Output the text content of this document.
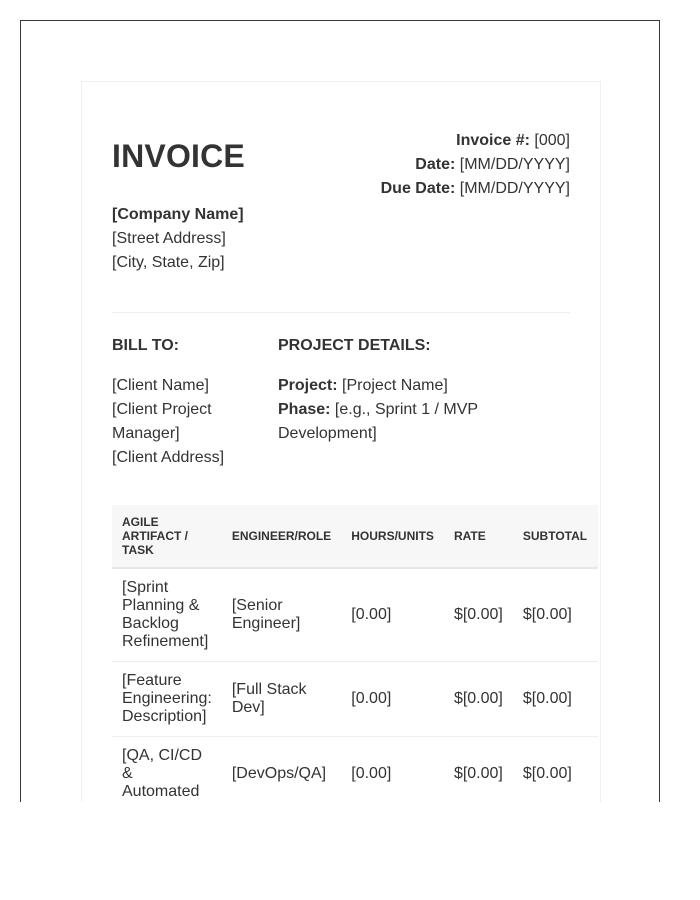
INVOICE	Invoice #: [000]
Date: [MM/DD/YYYY]
Due Date: [MM/DD/YYYY]
[Company Name]
[Street Address]
[City, State, Zip]
BILL TO:
[Client Name]
[Client Project Manager]
[Client Address]
PROJECT DETAILS:
Project: [Project Name]
Phase: [e.g., Sprint 1 / MVP Development]
AGILE ARTIFACT / TASK	ENGINEER/ROLE	HOURS/UNITS	RATE	SUBTOTAL
[Sprint Planning & Backlog Refinement]	[Senior Engineer]	[0.00]	$[0.00]	$[0.00]
[Feature Engineering: Description]	[Full Stack Dev]	[0.00]	$[0.00]	$[0.00]
[QA, CI/CD & Automated	[DevOps/QA]	[0.00]	$[0.00]	$[0.00]
